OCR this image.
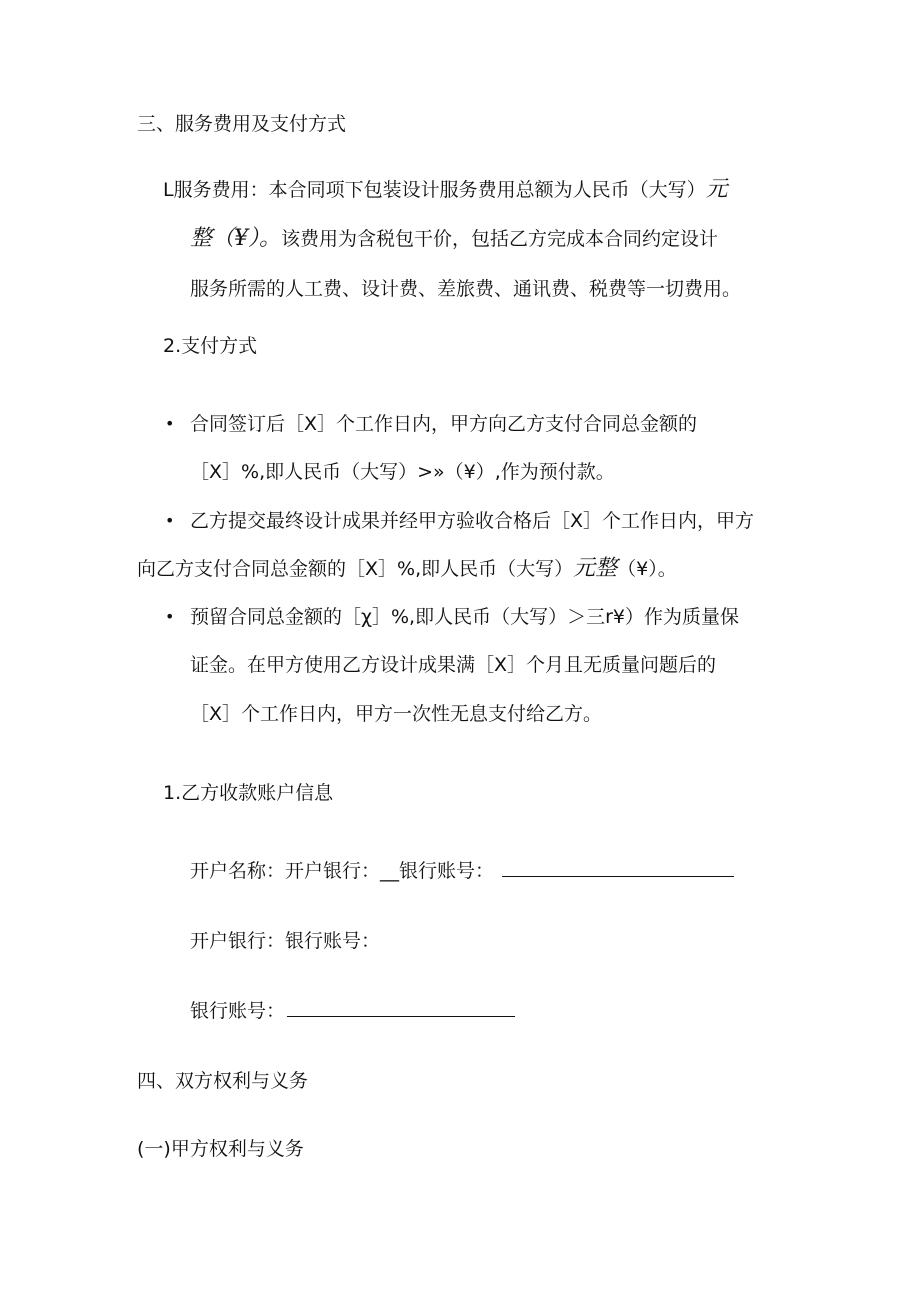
三、服务费用及支付方式
L服务费用：本合同项下包装设计服务费用总额为人民币（大写）元
整（¥）。该费用为含税包干价，包括乙方完成本合同约定设计
服务所需的人工费、设计费、差旅费、通讯费、税费等一切费用。
2.支付方式
• 合同签订后［X］个工作日内，甲方向乙方支付合同总金额的
［X］%,即人民币（大写）>»（¥）,作为预付款。
• 乙方提交最终设计成果并经甲方验收合格后［X］个工作日内，甲方
向乙方支付合同总金额的［X］%,即人民币（大写）元整（¥）。
• 预留合同总金额的［χ］%,即人民币（大写）＞三r¥）作为质量保
证金。在甲方使用乙方设计成果满［X］个月且无质量问题后的
［X］个工作日内，甲方一次性无息支付给乙方。
1.乙方收款账户信息
开户名称：开户银行：__银行账号：
开户银行：银行账号：
银行账号：
四、双方权利与义务
(一)甲方权利与义务
